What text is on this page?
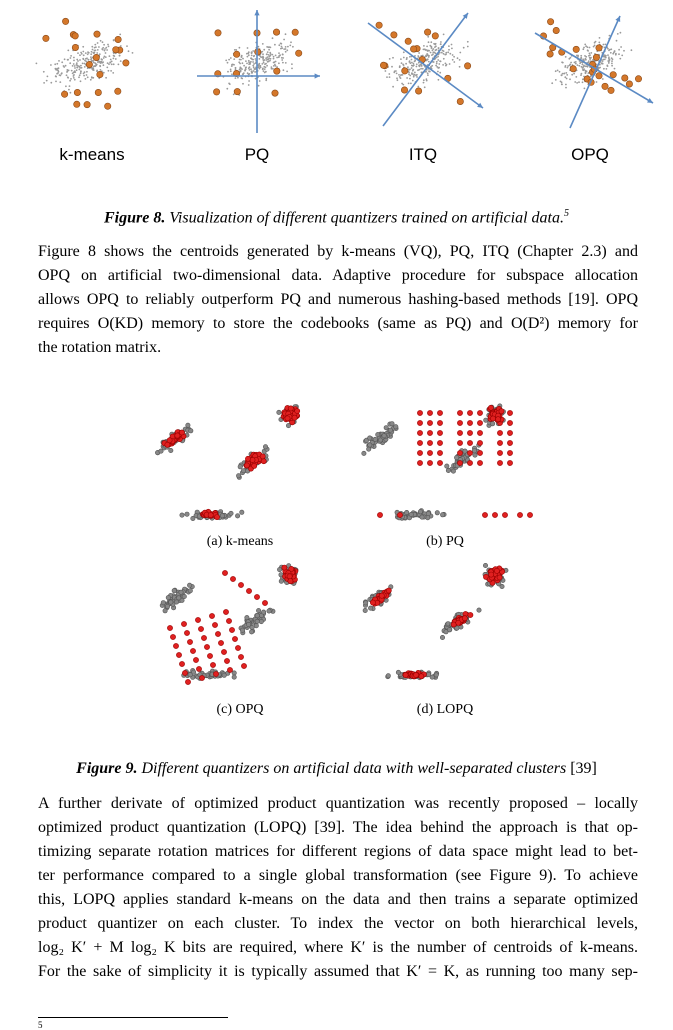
k-means	PQ	ITQ	OPQ
Figure 8. Visualization of different quantizers trained on artificial data.$^5$
Figure 8 shows the centroids generated by k-means (VQ), PQ, ITQ (Chapter 2.3) and
OPQ on artificial two-dimensional data. Adaptive procedure for subspace allocation
allows OPQ to reliably outperform PQ and numerous hashing-based methods [19]. OPQ
requires O(KD) memory to store the codebooks (same as PQ) and O(D²) memory for
the rotation matrix.
(a) k-means	(b) PQ
(c) OPQ	(d) LOPQ
Figure 9. Different quantizers on artificial data with well-separated clusters [39]
A further derivate of optimized product quantization was recently proposed – locally
optimized product quantization (LOPQ) [39]. The idea behind the approach is that op-
timizing separate rotation matrices for different regions of data space might lead to bet-
ter performance compared to a single global transformation (see Figure 9). To achieve
this, LOPQ applies standard k-means on the data and then trains a separate optimized
product quantizer on each cluster. To index the vector on both hierarchical levels,
log₂ K′ + M log₂ K bits are required, where K′ is the number of centroids of k-means.
For the sake of simplicity it is typically assumed that K′ = K, as running too many sep-
5
